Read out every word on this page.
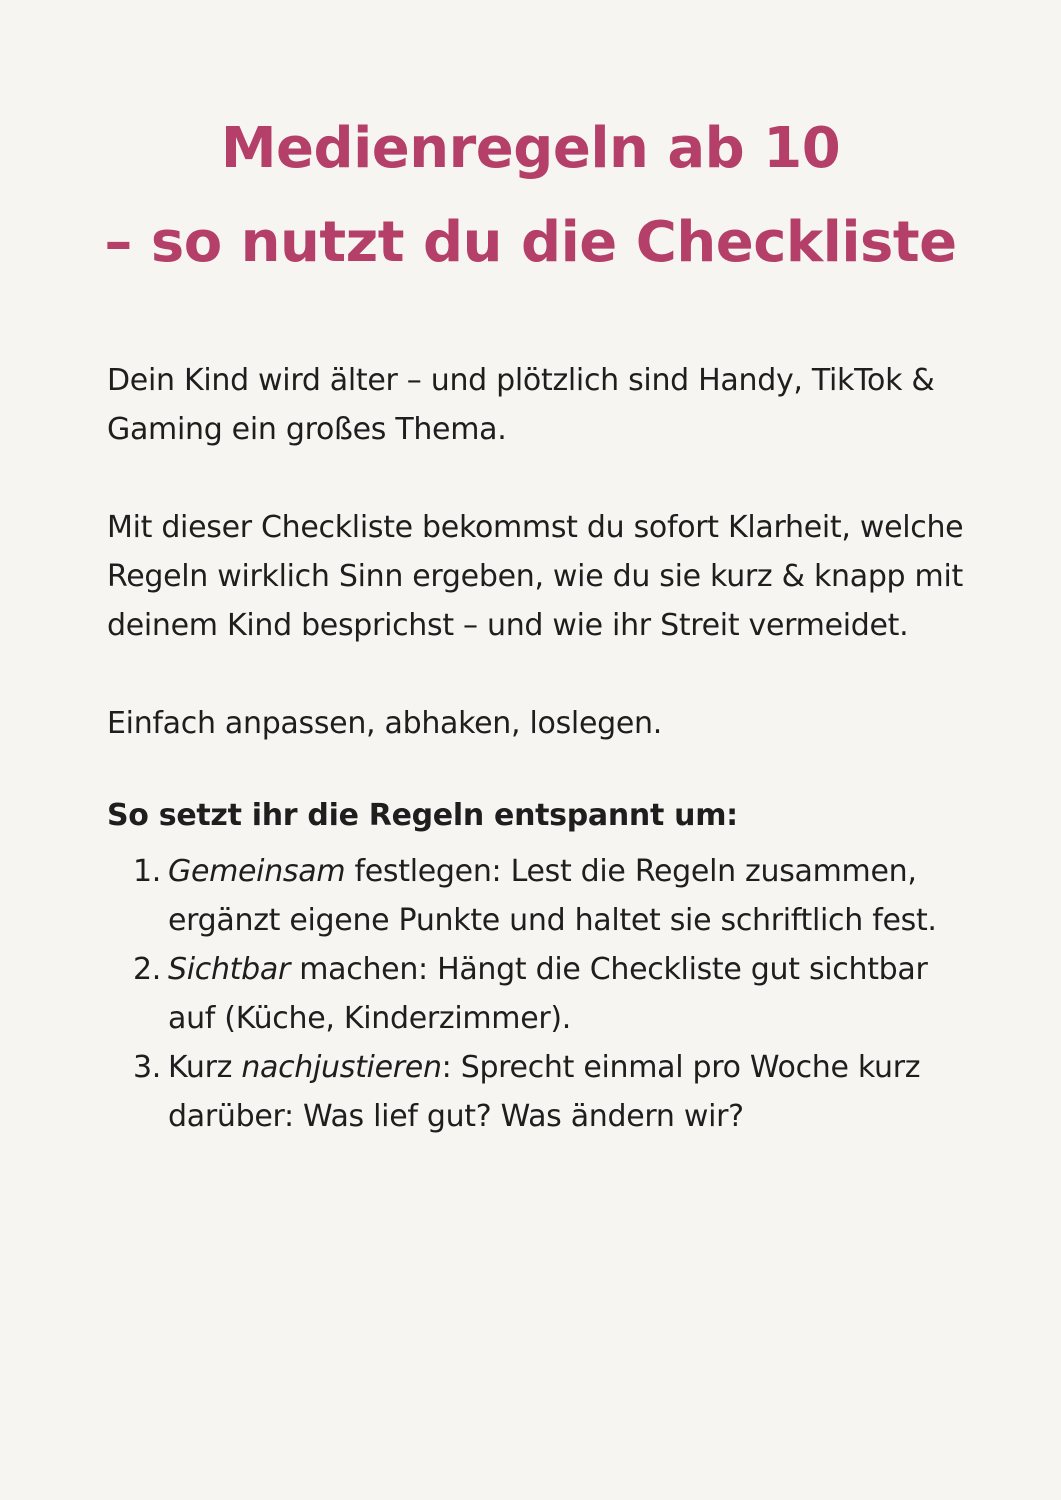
Medienregeln ab 10
– so nutzt du die Checkliste

Dein Kind wird älter – und plötzlich sind Handy, TikTok & Gaming ein großes Thema.

Mit dieser Checkliste bekommst du sofort Klarheit, welche Regeln wirklich Sinn ergeben, wie du sie kurz & knapp mit deinem Kind besprichst – und wie ihr Streit vermeidet.

Einfach anpassen, abhaken, loslegen.

So setzt ihr die Regeln entspannt um:
1. Gemeinsam festlegen: Lest die Regeln zusammen, ergänzt eigene Punkte und haltet sie schriftlich fest.
2. Sichtbar machen: Hängt die Checkliste gut sichtbar auf (Küche, Kinderzimmer).
3. Kurz nachjustieren: Sprecht einmal pro Woche kurz darüber: Was lief gut? Was ändern wir?
